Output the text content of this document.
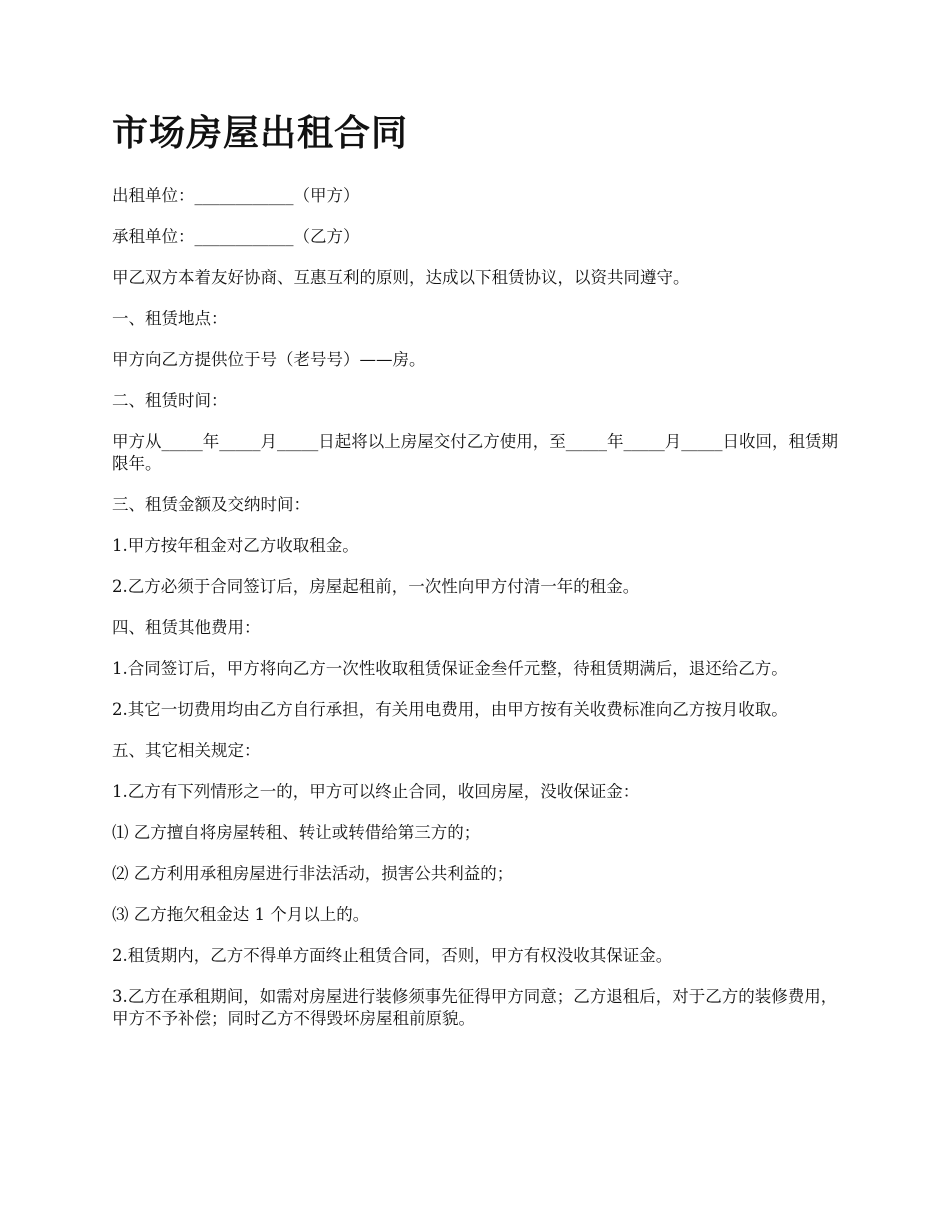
市场房屋出租合同

出租单位：____________（甲方）

承租单位：____________（乙方）

甲乙双方本着友好协商、互惠互利的原则，达成以下租赁协议，以资共同遵守。

一、租赁地点：

甲方向乙方提供位于号（老号号）——房。

二、租赁时间：

甲方从_____年_____月_____日起将以上房屋交付乙方使用，至_____年_____月_____日收回，租赁期限年。

三、租赁金额及交纳时间：

1.甲方按年租金对乙方收取租金。

2.乙方必须于合同签订后，房屋起租前，一次性向甲方付清一年的租金。

四、租赁其他费用：

1.合同签订后，甲方将向乙方一次性收取租赁保证金叁仟元整，待租赁期满后，退还给乙方。

2.其它一切费用均由乙方自行承担，有关用电费用，由甲方按有关收费标准向乙方按月收取。

五、其它相关规定：

1.乙方有下列情形之一的，甲方可以终止合同，收回房屋，没收保证金：

⑴ 乙方擅自将房屋转租、转让或转借给第三方的；

⑵ 乙方利用承租房屋进行非法活动，损害公共利益的；

⑶ 乙方拖欠租金达 1 个月以上的。

2.租赁期内，乙方不得单方面终止租赁合同，否则，甲方有权没收其保证金。

3.乙方在承租期间，如需对房屋进行装修须事先征得甲方同意；乙方退租后，对于乙方的装修费用，甲方不予补偿；同时乙方不得毁坏房屋租前原貌。
